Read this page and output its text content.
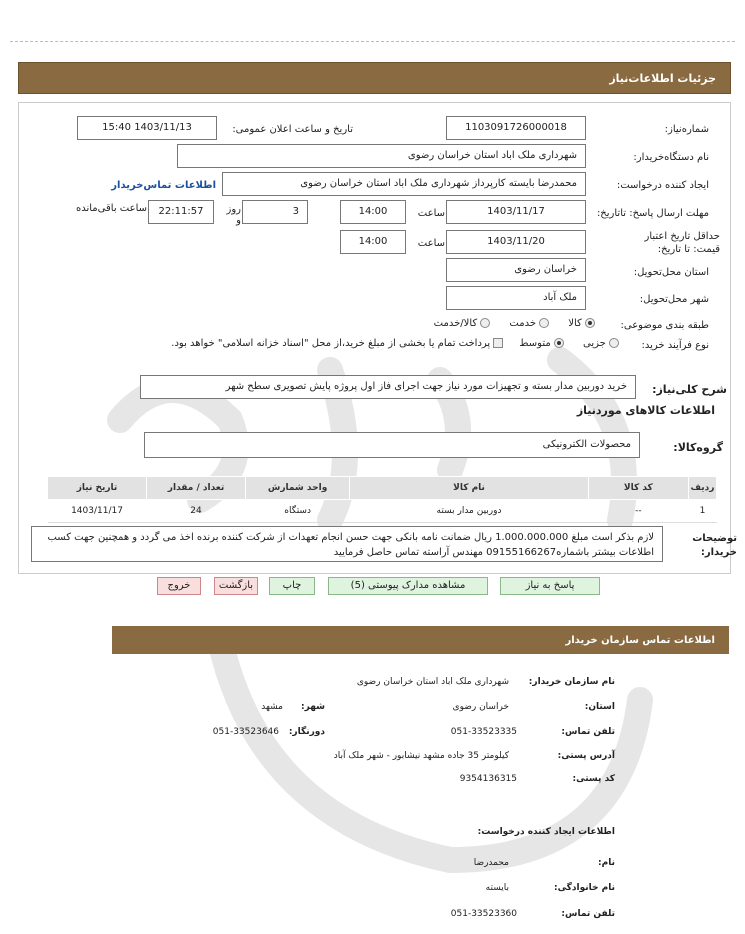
جزئیات اطلاعات‌نیاز
شماره‌نیاز:
1103091726000018
تاریخ و ساعت اعلان عمومی:
1403/11/13 15:40
نام دستگاه‌خریدار:
شهرداری ملک اباد استان خراسان رضوی
ایجاد کننده درخواست:
محمدرضا بایسته کارپرداز شهرداری ملک اباد استان خراسان رضوی
اطلاعات تماس‌خریدار
مهلت ارسال پاسخ: تاتاریخ:
1403/11/17
ساعت
14:00
3
روز و
22:11:57
ساعت باقی‌مانده
حداقل تاریخ اعتبار قیمت: تا تاریخ:
1403/11/20
ساعت
14:00
استان محل‌تحویل:
خراسان رضوی
شهر محل‌تحویل:
ملک آباد
طبقه بندی موضوعی:
کالا       خدمت       کالا/خدمت
نوع فرآیند خرید:
جزیی       متوسط      پرداخت تمام یا بخشی از مبلغ خرید،از محل "اسناد خزانه اسلامی" خواهد بود.
شرح کلی‌نیاز:
خرید دوربین مدار بسته و تجهیزات مورد نیاز جهت اجرای فاز اول پروژه پایش تصویری سطح شهر
اطلاعات کالاهای موردنیاز
گروه‌کالا:
محصولات الکترونیکی
ردیف	کد کالا	نام کالا	واحد شمارش	تعداد / مقدار	تاریخ نیاز
1	--	دوربین مدار بسته	دستگاه	24	1403/11/17
توضیحات خریدار:
لازم بذکر است مبلغ 1.000.000.000 ریال ضمانت نامه بانکی جهت حسن انجام تعهدات از شرکت کننده برنده اخذ می گردد و همچنین جهت کسب اطلاعات بیشتر باشماره09155166267 مهندس آراسته تماس حاصل فرمایید
پاسخ به نیاز
مشاهده مدارک پیوستی (5)
چاپ
بازگشت
خروج
اطلاعات تماس سازمان خریدار
نام سازمان خریدار:
شهرداری ملک اباد استان خراسان رضوی
استان:
خراسان رضوی
شهر:
مشهد
تلفن تماس:
051-33523335
دورنگار:
051-33523646
آدرس پستی:
کیلومتر 35 جاده مشهد نیشابور - شهر ملک آباد
کد پستی:
9354136315
اطلاعات ایجاد کننده درخواست:
نام:
محمدرضا
نام خانوادگی:
بایسته
تلفن تماس:
051-33523360
